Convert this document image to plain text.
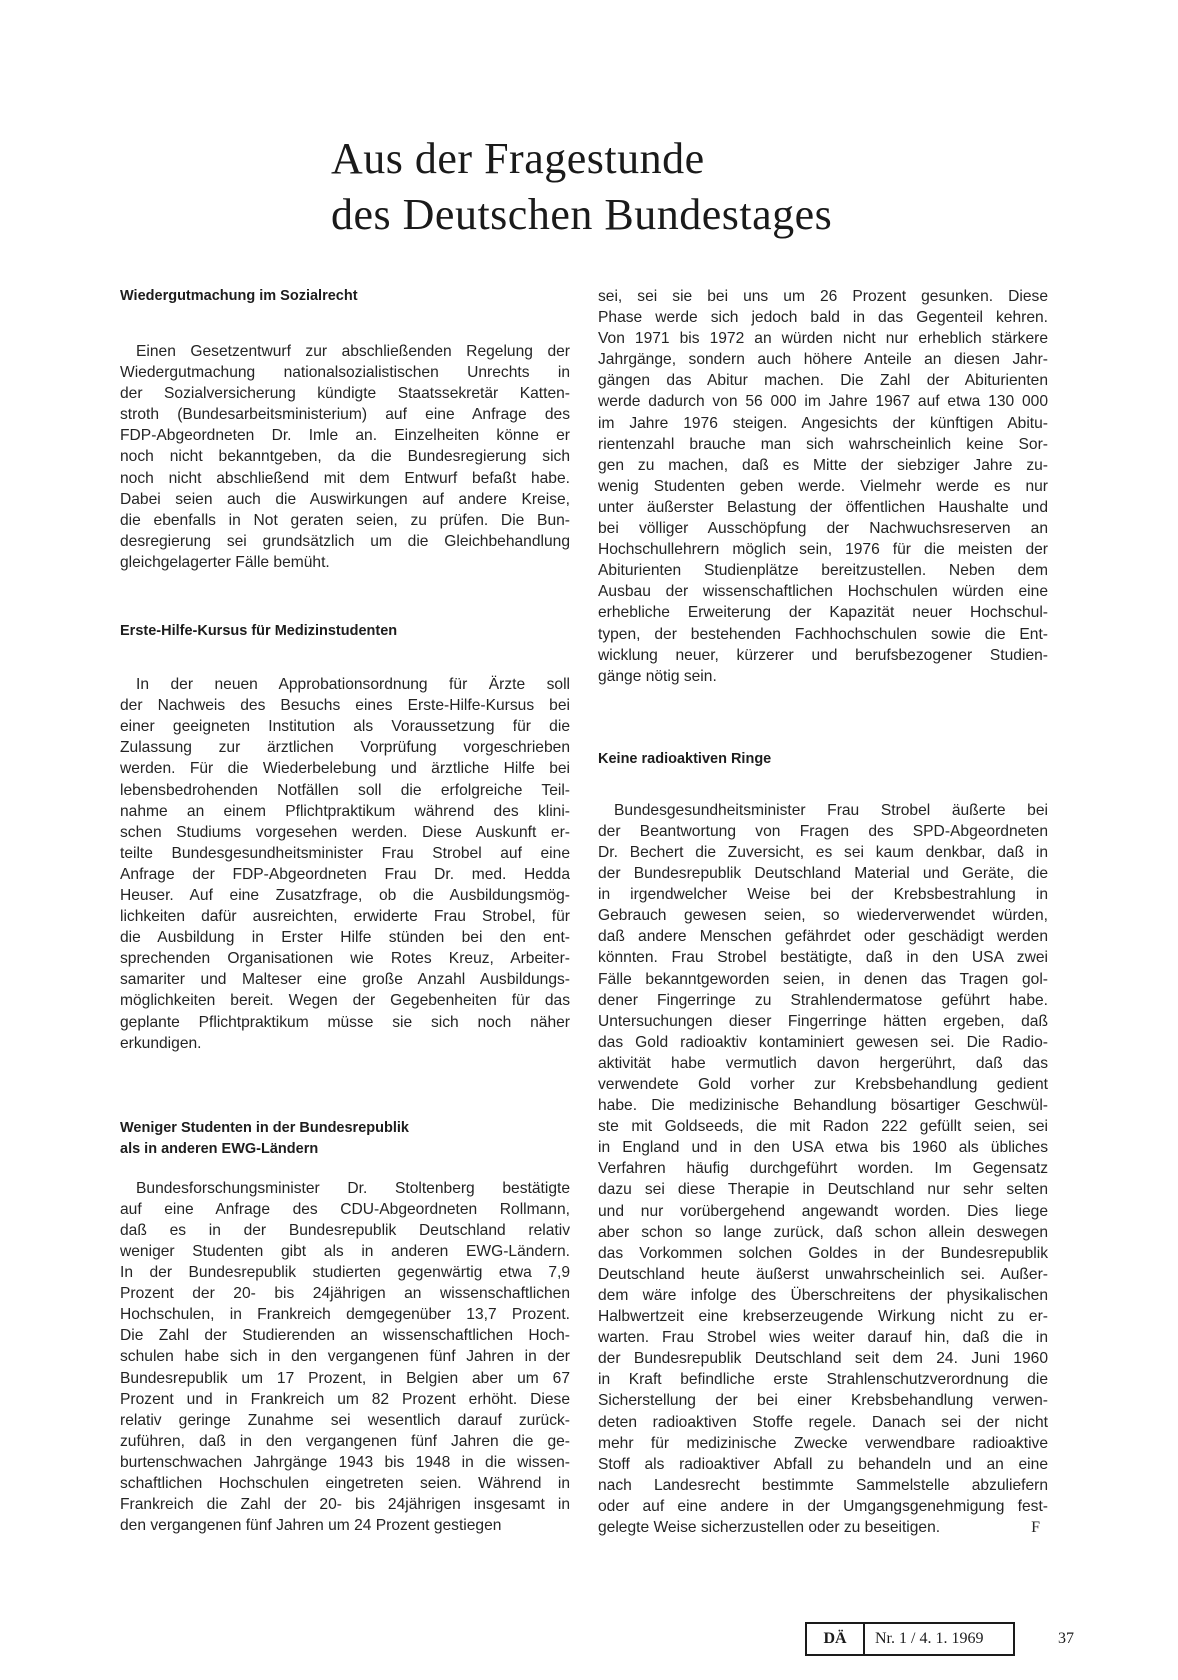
Aus der Fragestunde
des Deutschen Bundestages
Wiedergutmachung im Sozialrecht
Einen Gesetzentwurf zur abschließenden Regelung der
Wiedergutmachung nationalsozialistischen Unrechts in
der Sozialversicherung kündigte Staatssekretär Katten-
stroth (Bundesarbeitsministerium) auf eine Anfrage des
FDP-Abgeordneten Dr. Imle an. Einzelheiten könne er
noch nicht bekanntgeben, da die Bundesregierung sich
noch nicht abschließend mit dem Entwurf befaßt habe.
Dabei seien auch die Auswirkungen auf andere Kreise,
die ebenfalls in Not geraten seien, zu prüfen. Die Bun-
desregierung sei grundsätzlich um die Gleichbehandlung
gleichgelagerter Fälle bemüht.
Erste-Hilfe-Kursus für Medizinstudenten
In der neuen Approbationsordnung für Ärzte soll
der Nachweis des Besuchs eines Erste-Hilfe-Kursus bei
einer geeigneten Institution als Voraussetzung für die
Zulassung zur ärztlichen Vorprüfung vorgeschrieben
werden. Für die Wiederbelebung und ärztliche Hilfe bei
lebensbedrohenden Notfällen soll die erfolgreiche Teil-
nahme an einem Pflichtpraktikum während des klini-
schen Studiums vorgesehen werden. Diese Auskunft er-
teilte Bundesgesundheitsminister Frau Strobel auf eine
Anfrage der FDP-Abgeordneten Frau Dr. med. Hedda
Heuser. Auf eine Zusatzfrage, ob die Ausbildungsmög-
lichkeiten dafür ausreichten, erwiderte Frau Strobel, für
die Ausbildung in Erster Hilfe stünden bei den ent-
sprechenden Organisationen wie Rotes Kreuz, Arbeiter-
samariter und Malteser eine große Anzahl Ausbildungs-
möglichkeiten bereit. Wegen der Gegebenheiten für das
geplante Pflichtpraktikum müsse sie sich noch näher
erkundigen.
Weniger Studenten in der Bundesrepublik
als in anderen EWG-Ländern
Bundesforschungsminister Dr. Stoltenberg bestätigte
auf eine Anfrage des CDU-Abgeordneten Rollmann,
daß es in der Bundesrepublik Deutschland relativ
weniger Studenten gibt als in anderen EWG-Ländern.
In der Bundesrepublik studierten gegenwärtig etwa 7,9
Prozent der 20- bis 24jährigen an wissenschaftlichen
Hochschulen, in Frankreich demgegenüber 13,7 Prozent.
Die Zahl der Studierenden an wissenschaftlichen Hoch-
schulen habe sich in den vergangenen fünf Jahren in der
Bundesrepublik um 17 Prozent, in Belgien aber um 67
Prozent und in Frankreich um 82 Prozent erhöht. Diese
relativ geringe Zunahme sei wesentlich darauf zurück-
zuführen, daß in den vergangenen fünf Jahren die ge-
burtenschwachen Jahrgänge 1943 bis 1948 in die wissen-
schaftlichen Hochschulen eingetreten seien. Während in
Frankreich die Zahl der 20- bis 24jährigen insgesamt in
den vergangenen fünf Jahren um 24 Prozent gestiegen
sei, sei sie bei uns um 26 Prozent gesunken. Diese
Phase werde sich jedoch bald in das Gegenteil kehren.
Von 1971 bis 1972 an würden nicht nur erheblich stärkere
Jahrgänge, sondern auch höhere Anteile an diesen Jahr-
gängen das Abitur machen. Die Zahl der Abiturienten
werde dadurch von 56 000 im Jahre 1967 auf etwa 130 000
im Jahre 1976 steigen. Angesichts der künftigen Abitu-
rientenzahl brauche man sich wahrscheinlich keine Sor-
gen zu machen, daß es Mitte der siebziger Jahre zu-
wenig Studenten geben werde. Vielmehr werde es nur
unter äußerster Belastung der öffentlichen Haushalte und
bei völliger Ausschöpfung der Nachwuchsreserven an
Hochschullehrern möglich sein, 1976 für die meisten der
Abiturienten Studienplätze bereitzustellen. Neben dem
Ausbau der wissenschaftlichen Hochschulen würden eine
erhebliche Erweiterung der Kapazität neuer Hochschul-
typen, der bestehenden Fachhochschulen sowie die Ent-
wicklung neuer, kürzerer und berufsbezogener Studien-
gänge nötig sein.
Keine radioaktiven Ringe
Bundesgesundheitsminister Frau Strobel äußerte bei
der Beantwortung von Fragen des SPD-Abgeordneten
Dr. Bechert die Zuversicht, es sei kaum denkbar, daß in
der Bundesrepublik Deutschland Material und Geräte, die
in irgendwelcher Weise bei der Krebsbestrahlung in
Gebrauch gewesen seien, so wiederverwendet würden,
daß andere Menschen gefährdet oder geschädigt werden
könnten. Frau Strobel bestätigte, daß in den USA zwei
Fälle bekanntgeworden seien, in denen das Tragen gol-
dener Fingerringe zu Strahlendermatose geführt habe.
Untersuchungen dieser Fingerringe hätten ergeben, daß
das Gold radioaktiv kontaminiert gewesen sei. Die Radio-
aktivität habe vermutlich davon hergerührt, daß das
verwendete Gold vorher zur Krebsbehandlung gedient
habe. Die medizinische Behandlung bösartiger Geschwül-
ste mit Goldseeds, die mit Radon 222 gefüllt seien, sei
in England und in den USA etwa bis 1960 als übliches
Verfahren häufig durchgeführt worden. Im Gegensatz
dazu sei diese Therapie in Deutschland nur sehr selten
und nur vorübergehend angewandt worden. Dies liege
aber schon so lange zurück, daß schon allein deswegen
das Vorkommen solchen Goldes in der Bundesrepublik
Deutschland heute äußerst unwahrscheinlich sei. Außer-
dem wäre infolge des Überschreitens der physikalischen
Halbwertzeit eine krebserzeugende Wirkung nicht zu er-
warten. Frau Strobel wies weiter darauf hin, daß die in
der Bundesrepublik Deutschland seit dem 24. Juni 1960
in Kraft befindliche erste Strahlenschutzverordnung die
Sicherstellung der bei einer Krebsbehandlung verwen-
deten radioaktiven Stoffe regele. Danach sei der nicht
mehr für medizinische Zwecke verwendbare radioaktive
Stoff als radioaktiver Abfall zu behandeln und an eine
nach Landesrecht bestimmte Sammelstelle abzuliefern
oder auf eine andere in der Umgangsgenehmigung fest-
gelegte Weise sicherzustellen oder zu beseitigen.	F
DÄ	Nr. 1 / 4. 1. 1969	37
